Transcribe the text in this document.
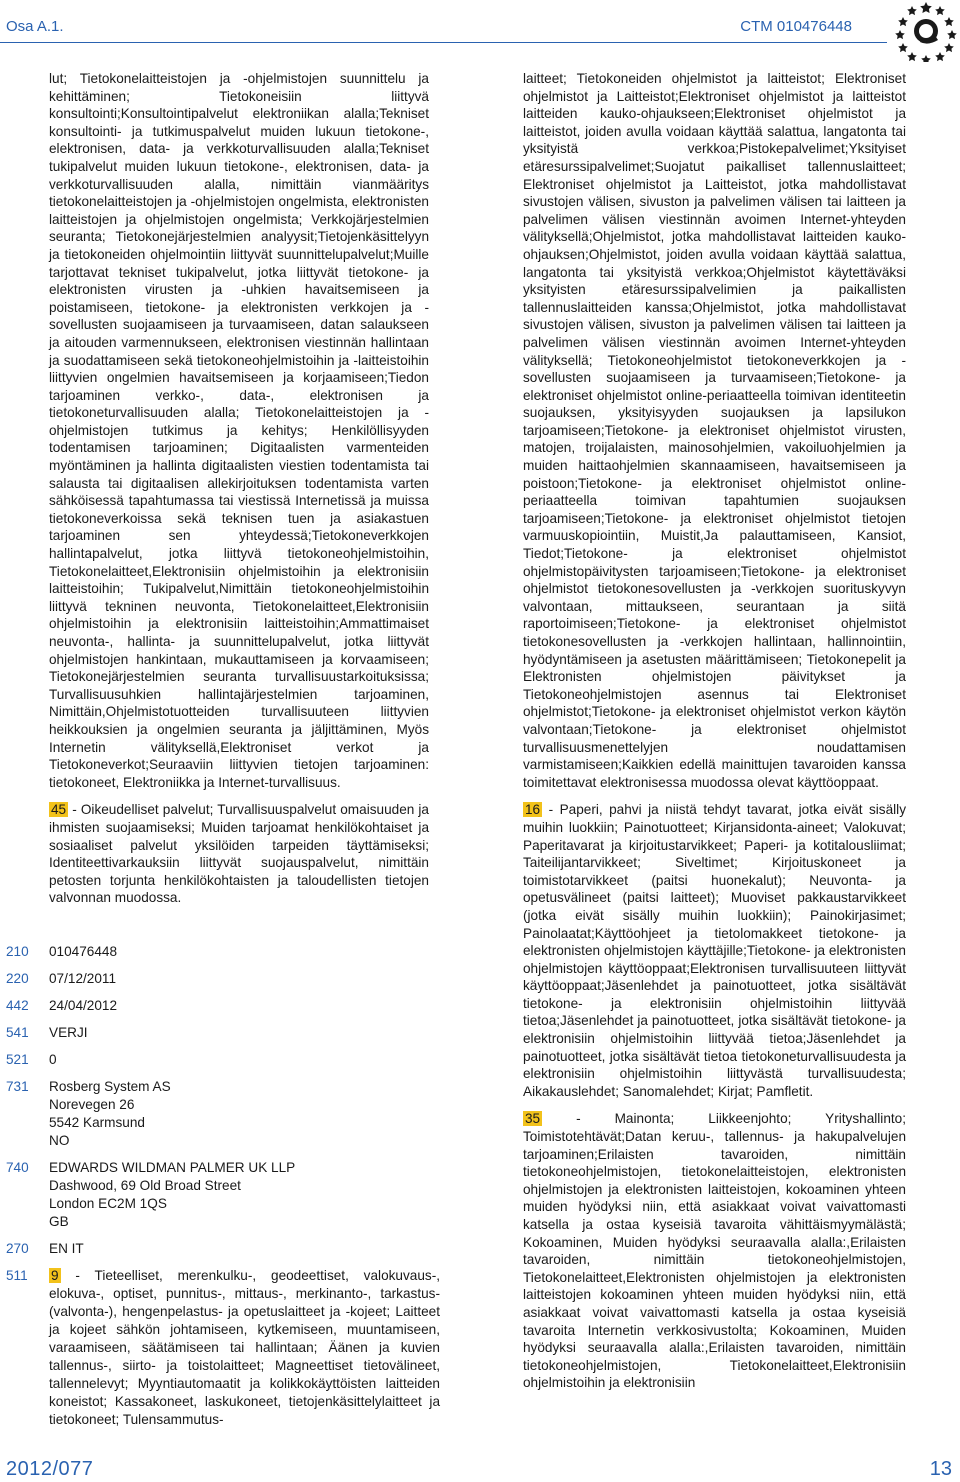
Osa A.1.	CTM 010476448

lut; Tietokonelaitteistojen ja -ohjelmistojen suunnittelu ja kehittäminen; Tietokoneisiin liittyvä konsultointi;Konsultointipalvelut elektroniikan alalla;Tekniset konsultointi- ja tutkimuspalvelut muiden lukuun tietokone-, elektronisen, data- ja verkkoturvallisuuden alalla;Tekniset tukipalvelut muiden lukuun tietokone-, elektronisen, data- ja verkkoturvallisuuden alalla, nimittäin vianmääritys tietokonelaitteistojen ja -ohjelmistojen ongelmista, elektronisten laitteistojen ja ohjelmistojen ongelmista; Verkkojärjestelmien seuranta; Tietokonejärjestelmien analyysit;Tietojenkäsittelyyn ja tietokoneiden ohjelmointiin liittyvät suunnittelupalvelut;Muille tarjottavat tekniset tukipalvelut, jotka liittyvät tietokone- ja elektronisten virusten ja -uhkien havaitsemiseen ja poistamiseen, tietokone- ja elektronisten verkkojen ja -sovellusten suojaamiseen ja turvaamiseen, datan salaukseen ja aitouden varmennukseen, elektronisen viestinnän hallintaan ja suodattamiseen sekä tietokoneohjelmistoihin ja -laitteistoihin liittyvien ongelmien havaitsemiseen ja korjaamiseen;Tiedon tarjoaminen verkko-, data-, elektronisen ja tietokoneturvallisuuden alalla; Tietokonelaitteistojen ja -ohjelmistojen tutkimus ja kehitys; Henkilöllisyyden todentamisen tarjoaminen; Digitaalisten varmenteiden myöntäminen ja hallinta digitaalisten viestien todentamista tai salausta tai digitaalisen allekirjoituksen todentamista varten sähköisessä tapahtumassa tai viestissä Internetissä ja muissa tietokoneverkoissa sekä teknisen tuen ja asiakastuen tarjoaminen sen yhteydessä;Tietokoneverkkojen hallintapalvelut, jotka liittyvä tietokoneohjelmistoihin, Tietokonelaitteet,Elektronisiin ohjelmistoihin ja elektronisiin laitteistoihin; Tukipalvelut,Nimittäin tietokoneohjelmistoihin liittyvä tekninen neuvonta, Tietokonelaitteet,Elektronisiin ohjelmistoihin ja elektronisiin laitteistoihin;Ammattimaiset neuvonta-, hallinta- ja suunnittelupalvelut, jotka liittyvät ohjelmistojen hankintaan, mukauttamiseen ja korvaamiseen; Tietokonejärjestelmien seuranta turvallisuustarkoituksissa; Turvallisuusuhkien hallintajärjestelmien tarjoaminen, Nimittäin,Ohjelmistotuotteiden turvallisuuteen liittyvien heikkouksien ja ongelmien seuranta ja jäljittäminen, Myös Internetin välityksellä,Elektroniset verkot ja Tietokoneverkot;Seuraaviin liittyvien tietojen tarjoaminen: tietokoneet, Elektroniikka ja Internet-turvallisuus.

45 - Oikeudelliset palvelut; Turvallisuuspalvelut omaisuuden ja ihmisten suojaamiseksi; Muiden tarjoamat henkilökohtaiset ja sosiaaliset palvelut yksilöiden tarpeiden täyttämiseksi; Identiteettivarkauksiin liittyvät suojauspalvelut, nimittäin petosten torjunta henkilökohtaisten ja taloudellisten tietojen valvonnan muodossa.

210	010476448
220	07/12/2011
442	24/04/2012
541	VERJI
521	0
731	Rosberg System AS
Norevegen 26
5542 Karmsund
NO
740	EDWARDS WILDMAN PALMER UK LLP
Dashwood, 69 Old Broad Street
London EC2M 1QS
GB
270	EN IT
511	9 - Tieteelliset, merenkulku-, geodeettiset, valokuvaus-, elokuva-, optiset, punnitus-, mittaus-, merkinanto-, tarkastus- (valvonta-), hengenpelastus- ja opetuslaitteet ja -kojeet; Laitteet ja kojeet sähkön johtamiseen, kytkemiseen, muuntamiseen, varaamiseen, säätämiseen tai hallintaan; Äänen ja kuvien tallennus-, siirto- ja toistolaitteet; Magneettiset tietovälineet, tallennelevyt; Myyntiautomaatit ja kolikkokäyttöisten laitteiden koneistot; Kassakoneet, laskukoneet, tietojenkäsittelylaitteet ja tietokoneet; Tulensammutus-

laitteet; Tietokoneiden ohjelmistot ja laitteistot; Elektroniset ohjelmistot ja Laitteistot;Elektroniset ohjelmistot ja laitteistot laitteiden kauko-ohjaukseen;Elektroniset ohjelmistot ja laitteistot, joiden avulla voidaan käyttää salattua, langatonta tai yksityistä verkkoa;Pistokepalvelimet;Yksityiset etäresurssipalvelimet;Suojatut paikalliset tallennuslaitteet; Elektroniset ohjelmistot ja Laitteistot, jotka mahdollistavat sivustojen välisen, sivuston ja palvelimen välisen tai laitteen ja palvelimen välisen viestinnän avoimen Internet-yhteyden välityksellä;Ohjelmistot, jotka mahdollistavat laitteiden kauko-ohjauksen;Ohjelmistot, joiden avulla voidaan käyttää salattua, langatonta tai yksityistä verkkoa;Ohjelmistot käytettäväksi yksityisten etäresurssipalvelimien ja paikallisten tallennuslaitteiden kanssa;Ohjelmistot, jotka mahdollistavat sivustojen välisen, sivuston ja palvelimen välisen tai laitteen ja palvelimen välisen viestinnän avoimen Internet-yhteyden välityksellä; Tietokoneohjelmistot tietokoneverkkojen ja -sovellusten suojaamiseen ja turvaamiseen;Tietokone- ja elektroniset ohjelmistot online-periaatteella toimivan identiteetin suojauksen, yksityisyyden suojauksen ja lapsilukon tarjoamiseen;Tietokone- ja elektroniset ohjelmistot virusten, matojen, troijalaisten, mainosohjelmien, vakoiluohjelmien ja muiden haittaohjelmien skannaamiseen, havaitsemiseen ja poistoon;Tietokone- ja elektroniset ohjelmistot online-periaatteella toimivan tapahtumien suojauksen tarjoamiseen;Tietokone- ja elektroniset ohjelmistot tietojen varmuuskopiointiin, Muistit,Ja palauttamiseen, Kansiot, Tiedot;Tietokone- ja elektroniset ohjelmistot ohjelmistopäivitysten tarjoamiseen;Tietokone- ja elektroniset ohjelmistot tietokonesovellusten ja -verkkojen suorituskyvyn valvontaan, mittaukseen, seurantaan ja siitä raportoimiseen;Tietokone- ja elektroniset ohjelmistot tietokonesovellusten ja -verkkojen hallintaan, hallinnointiin, hyödyntämiseen ja asetusten määrittämiseen; Tietokonepelit ja Elektronisten ohjelmistojen päivitykset ja Tietokoneohjelmistojen asennus tai Elektroniset ohjelmistot;Tietokone- ja elektroniset ohjelmistot verkon käytön valvontaan;Tietokone- ja elektroniset ohjelmistot turvallisuusmenettelyjen noudattamisen varmistamiseen;Kaikkien edellä mainittujen tavaroiden kanssa toimitettavat elektronisessa muodossa olevat käyttöoppaat.

16 - Paperi, pahvi ja niistä tehdyt tavarat, jotka eivät sisälly muihin luokkiin; Painotuotteet; Kirjansidonta-aineet; Valokuvat; Paperitavarat ja kirjoitustarvikkeet; Paperi- ja kotitalousliimat; Taiteilijantarvikkeet; Siveltimet; Kirjoituskoneet ja toimistotarvikkeet (paitsi huonekalut); Neuvonta- ja opetusvälineet (paitsi laitteet); Muoviset pakkaustarvikkeet (jotka eivät sisälly muihin luokkiin); Painokirjasimet; Painolaatat;Käyttöohjeet ja tietolomakkeet tietokone- ja elektronisten ohjelmistojen käyttäjille;Tietokone- ja elektronisten ohjelmistojen käyttöoppaat;Elektronisen turvallisuuteen liittyvät käyttöoppaat;Jäsenlehdet ja painotuotteet, jotka sisältävät tietokone- ja elektronisiin ohjelmistoihin liittyvää tietoa;Jäsenlehdet ja painotuotteet, jotka sisältävät tietokone- ja elektronisiin ohjelmistoihin liittyvää tietoa;Jäsenlehdet ja painotuotteet, jotka sisältävät tietoa tietokoneturvallisuudesta ja elektronisiin ohjelmistoihin liittyvästä turvallisuudesta; Aikakauslehdet; Sanomalehdet; Kirjat; Pamfletit.

35 - Mainonta; Liikkeenjohto; Yrityshallinto; Toimistotehtävät;Datan keruu-, tallennus- ja hakupalvelujen tarjoaminen;Erilaisten tavaroiden, nimittäin tietokoneohjelmistojen, tietokonelaitteistojen, elektronisten ohjelmistojen ja elektronisten laitteistojen, kokoaminen yhteen muiden hyödyksi niin, että asiakkaat voivat vaivattomasti katsella ja ostaa kyseisiä tavaroita vähittäismyymälästä; Kokoaminen, Muiden hyödyksi seuraavalla alalla:,Erilaisten tavaroiden, nimittäin tietokoneohjelmistojen, Tietokonelaitteet,Elektronisten ohjelmistojen ja elektronisten laitteistojen kokoaminen yhteen muiden hyödyksi niin, että asiakkaat voivat vaivattomasti katsella ja ostaa kyseisiä tavaroita Internetin verkkosivustolta; Kokoaminen, Muiden hyödyksi seuraavalla alalla:,Erilaisten tavaroiden, nimittäin tietokoneohjelmistojen, Tietokonelaitteet,Elektronisiin ohjelmistoihin ja elektronisiin

2012/077	13
